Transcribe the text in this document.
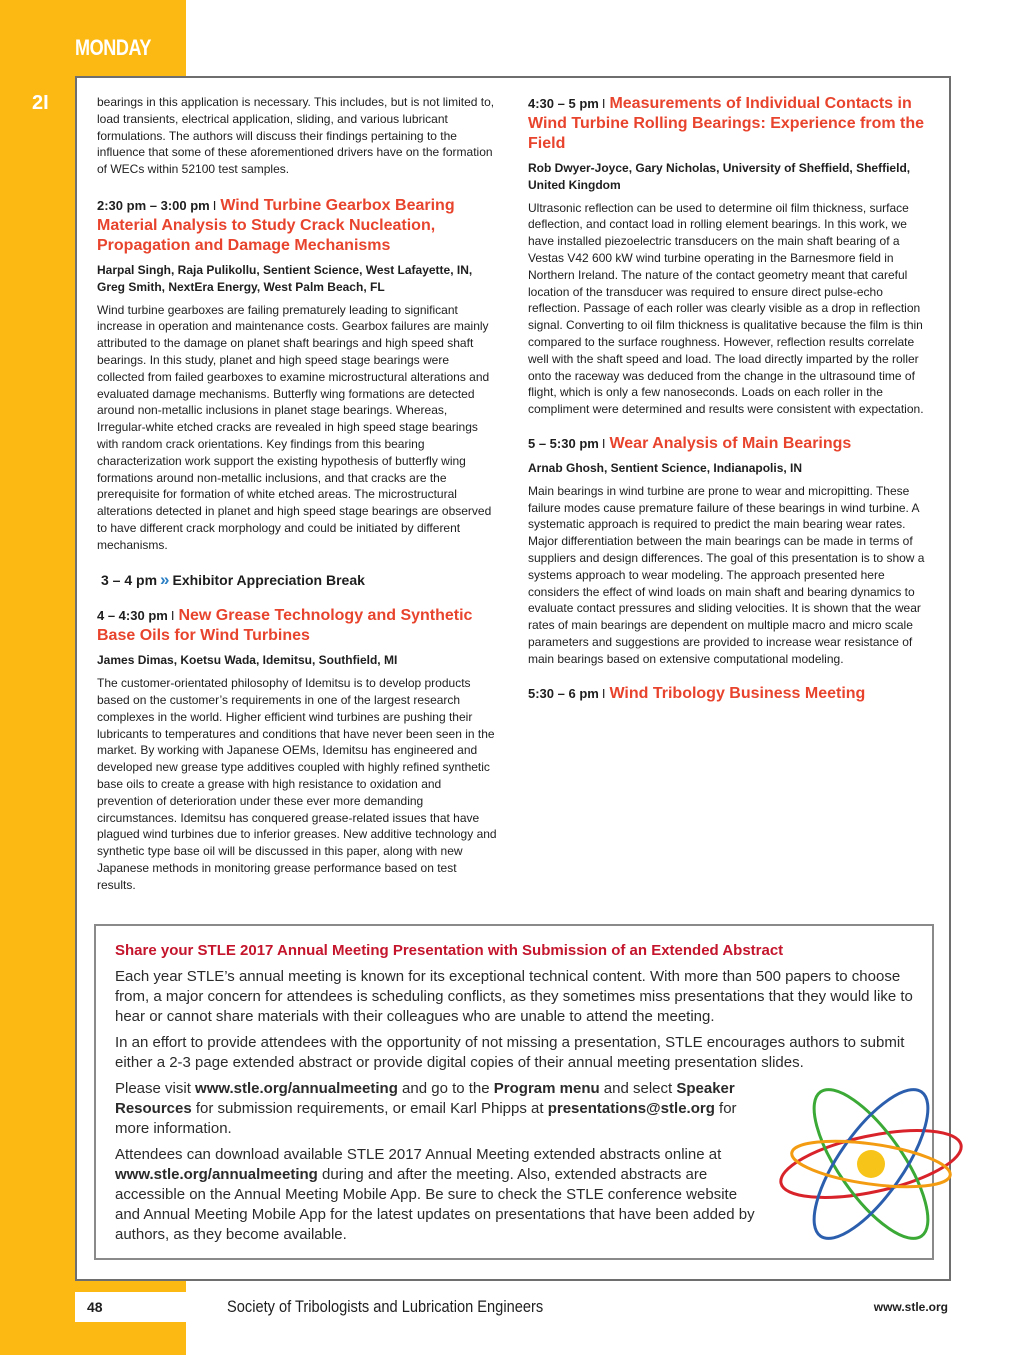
MONDAY
2I	bearings in this application is necessary. This includes, but is not limited to, load transients, electrical application, sliding, and various lubricant formulations. The authors will discuss their findings pertaining to the influence that some of these aforementioned drivers have on the formation of WECs within 52100 test samples.

2:30 pm – 3:00 pm I Wind Turbine Gearbox Bearing Material Analysis to Study Crack Nucleation, Propagation and Damage Mechanisms
Harpal Singh, Raja Pulikollu, Sentient Science, West Lafayette, IN, Greg Smith, NextEra Energy, West Palm Beach, FL

Wind turbine gearboxes are failing prematurely leading to significant increase in operation and maintenance costs. Gearbox failures are mainly attributed to the damage on planet shaft bearings and high speed shaft bearings. In this study, planet and high speed stage bearings were collected from failed gearboxes to examine microstructural alterations and evaluated damage mechanisms. Butterfly wing formations are detected around non-metallic inclusions in planet stage bearings. Whereas, Irregular-white etched cracks are revealed in high speed stage bearings with random crack orientations. Key findings from this bearing characterization work support the existing hypothesis of butterfly wing formations around non-metallic inclusions, and that cracks are the prerequisite for formation of white etched areas. The microstructural alterations detected in planet and high speed stage bearings are observed to have different crack morphology and could be initiated by different mechanisms.

3 – 4 pm » Exhibitor Appreciation Break
4 – 4:30 pm I New Grease Technology and Synthetic Base Oils for Wind Turbines
James Dimas, Koetsu Wada, Idemitsu, Southfield, MI

The customer-orientated philosophy of Idemitsu is to develop products based on the customer’s requirements in one of the largest research complexes in the world. Higher efficient wind turbines are pushing their lubricants to temperatures and conditions that have never been seen in the market. By working with Japanese OEMs, Idemitsu has engineered and developed new grease type additives coupled with highly refined synthetic base oils to create a grease with high resistance to oxidation and prevention of deterioration under these ever more demanding circumstances. Idemitsu has conquered grease-related issues that have plagued wind turbines due to inferior greases. New additive technology and synthetic type base oil will be discussed in this paper, along with new Japanese methods in monitoring grease performance based on test results.

4:30 – 5 pm I Measurements of Individual Contacts in Wind Turbine Rolling Bearings: Experience from the Field
Rob Dwyer-Joyce, Gary Nicholas, University of Sheffield, Sheffield, United Kingdom

Ultrasonic reflection can be used to determine oil film thickness, surface deflection, and contact load in rolling element bearings. In this work, we have installed piezoelectric transducers on the main shaft bearing of a Vestas V42 600 kW wind turbine operating in the Barnesmore field in Northern Ireland. The nature of the contact geometry meant that careful location of the transducer was required to ensure direct pulse-echo reflection. Passage of each roller was clearly visible as a drop in reflection signal. Converting to oil film thickness is qualitative because the film is thin compared to the surface roughness. However, reflection results correlate well with the shaft speed and load. The load directly imparted by the roller onto the raceway was deduced from the change in the ultrasound time of flight, which is only a few nanoseconds. Loads on each roller in the compliment were determined and results were consistent with expectation.

5 – 5:30 pm I Wear Analysis of Main Bearings
Arnab Ghosh, Sentient Science, Indianapolis, IN

Main bearings in wind turbine are prone to wear and micropitting. These failure modes cause premature failure of these bearings in wind turbine. A systematic approach is required to predict the main bearing wear rates. Major differentiation between the main bearings can be made in terms of suppliers and design differences. The goal of this presentation is to show a systems approach to wear modeling. The approach presented here considers the effect of wind loads on main shaft and bearing dynamics to evaluate contact pressures and sliding velocities. It is shown that the wear rates of main bearings are dependent on multiple macro and micro scale parameters and suggestions are provided to increase wear resistance of main bearings based on extensive computational modeling.

5:30 – 6 pm I Wind Tribology Business Meeting
Share your STLE 2017 Annual Meeting Presentation with Submission of an Extended Abstract

Each year STLE’s annual meeting is known for its exceptional technical content. With more than 500 papers to choose from, a major concern for attendees is scheduling conflicts, as they sometimes miss presentations that they would like to hear or cannot share materials with their colleagues who are unable to attend the meeting.

In an effort to provide attendees with the opportunity of not missing a presentation, STLE encourages authors to submit either a 2-3 page extended abstract or provide digital copies of their annual meeting presentation slides.

Please visit www.stle.org/annualmeeting and go to the Program menu and select Speaker Resources for submission requirements, or email Karl Phipps at presentations@stle.org for more information.

Attendees can download available STLE 2017 Annual Meeting extended abstracts online at www.stle.org/annualmeeting during and after the meeting. Also, extended abstracts are accessible on the Annual Meeting Mobile App. Be sure to check the STLE conference website and Annual Meeting Mobile App for the latest updates on presentations that have been added by authors, as they become available.

48	Society of Tribologists and Lubrication Engineers	www.stle.org
